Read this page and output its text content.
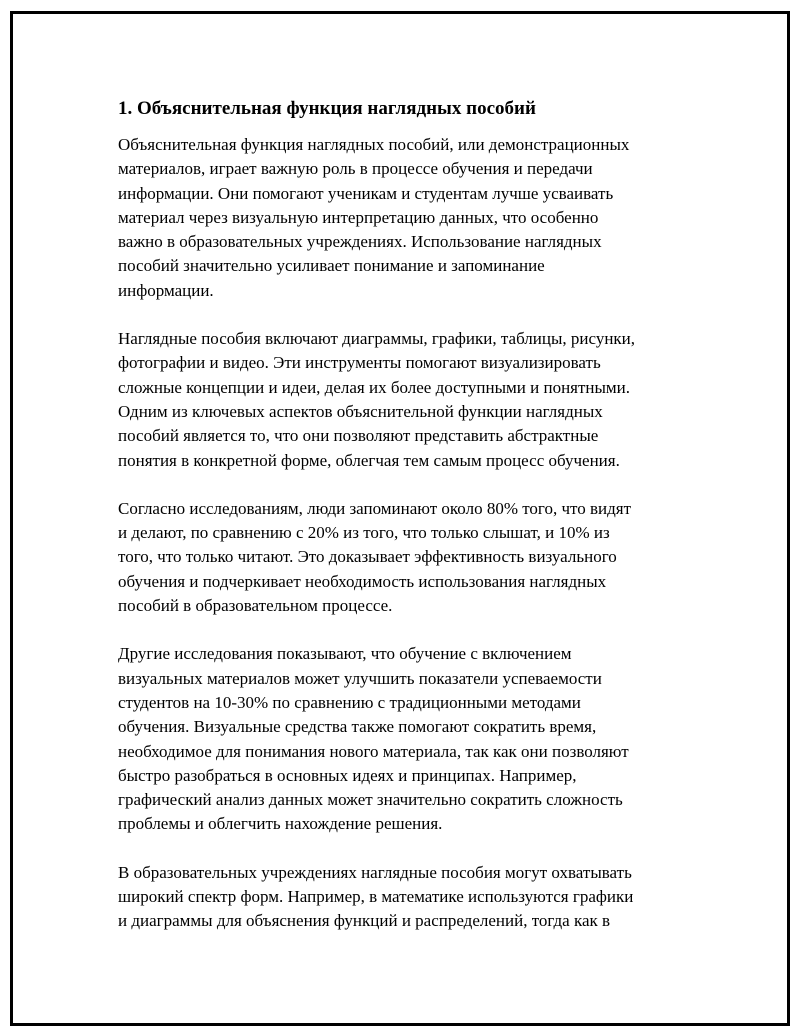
1. Объяснительная функция наглядных пособий

Объяснительная функция наглядных пособий, или демонстрационных
материалов, играет важную роль в процессе обучения и передачи
информации. Они помогают ученикам и студентам лучше усваивать
материал через визуальную интерпретацию данных, что особенно
важно в образовательных учреждениях. Использование наглядных
пособий значительно усиливает понимание и запоминание
информации.

Наглядные пособия включают диаграммы, графики, таблицы, рисунки,
фотографии и видео. Эти инструменты помогают визуализировать
сложные концепции и идеи, делая их более доступными и понятными.
Одним из ключевых аспектов объяснительной функции наглядных
пособий является то, что они позволяют представить абстрактные
понятия в конкретной форме, облегчая тем самым процесс обучения.

Согласно исследованиям, люди запоминают около 80% того, что видят
и делают, по сравнению с 20% из того, что только слышат, и 10% из
того, что только читают. Это доказывает эффективность визуального
обучения и подчеркивает необходимость использования наглядных
пособий в образовательном процессе.

Другие исследования показывают, что обучение с включением
визуальных материалов может улучшить показатели успеваемости
студентов на 10-30% по сравнению с традиционными методами
обучения. Визуальные средства также помогают сократить время,
необходимое для понимания нового материала, так как они позволяют
быстро разобраться в основных идеях и принципах. Например,
графический анализ данных может значительно сократить сложность
проблемы и облегчить нахождение решения.

В образовательных учреждениях наглядные пособия могут охватывать
широкий спектр форм. Например, в математике используются графики
и диаграммы для объяснения функций и распределений, тогда как в
